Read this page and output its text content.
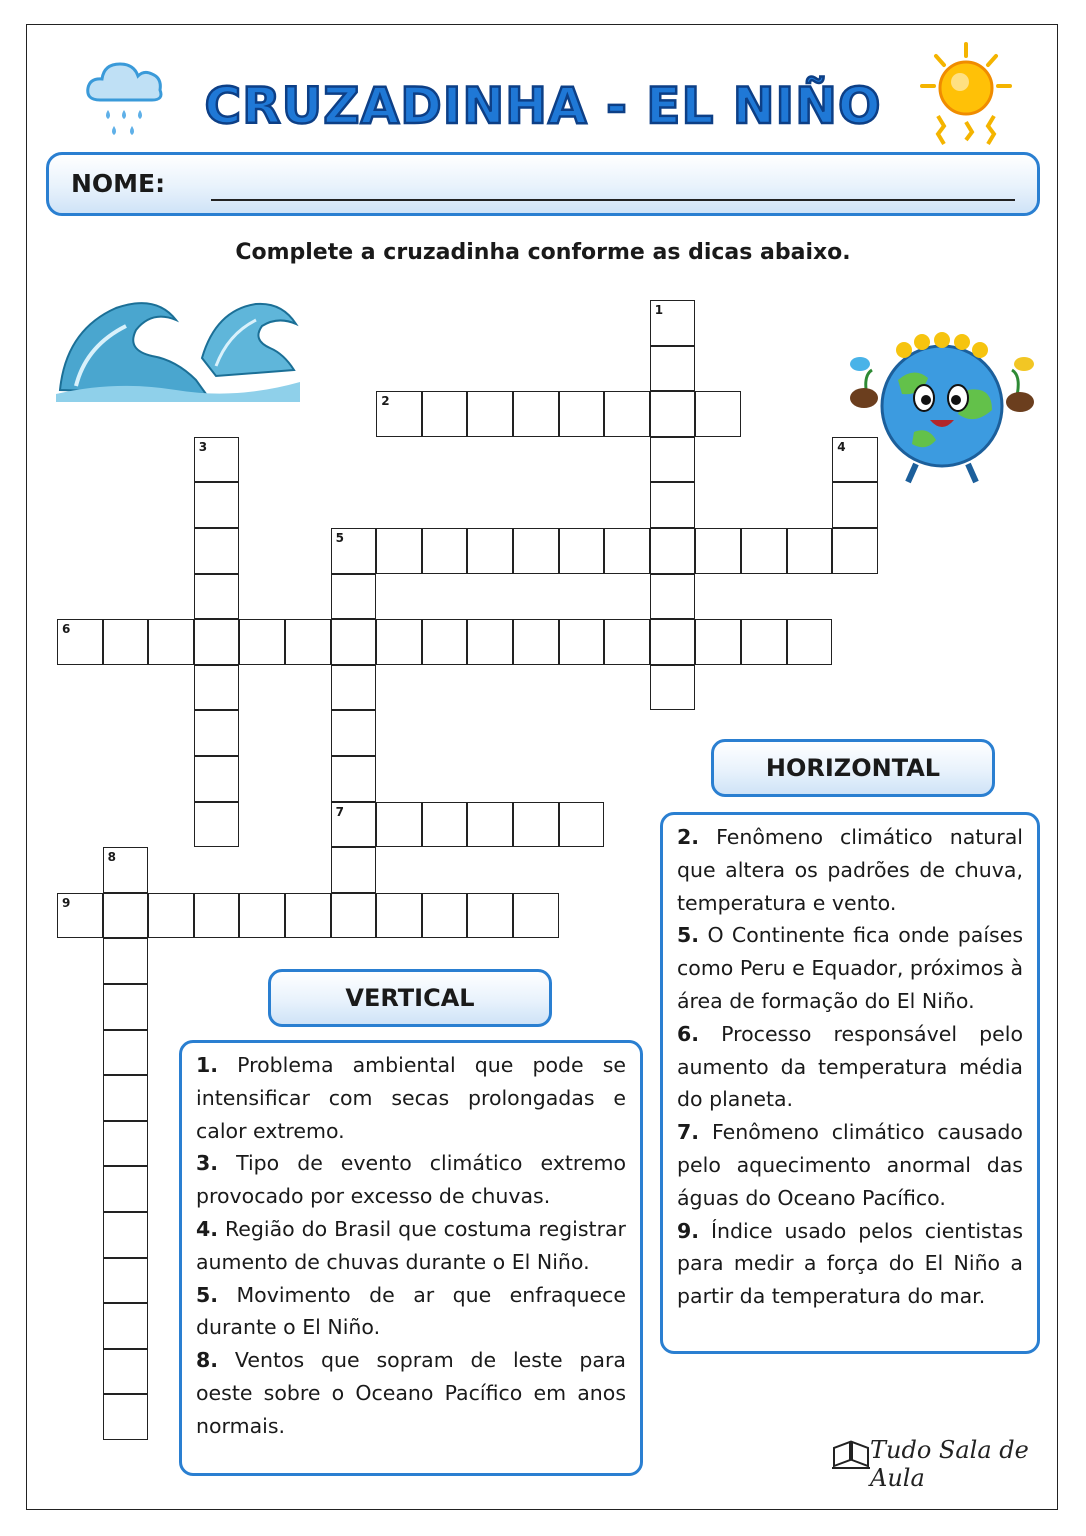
CRUZADINHA - EL NIÑO
NOME:
Complete a cruzadinha conforme as dicas abaixo.
1
2
3	4
5
7
6
8
9
HORIZONTAL

2. Fenômeno climático natural que altera os padrões de chuva, temperatura e vento.

5. O Continente fica onde países como Peru e Equador, próximos à área de formação do El Niño.

6. Processo responsável pelo aumento da temperatura média do planeta.

7. Fenômeno climático causado pelo aquecimento anormal das águas do Oceano Pacífico.

9. Índice usado pelos cientistas para medir a força do El Niño a partir da temperatura do mar.

VERTICAL

1. Problema ambiental que pode se intensificar com secas prolongadas e calor extremo.

3. Tipo de evento climático extremo provocado por excesso de chuvas.

4. Região do Brasil que costuma registrar aumento de chuvas durante o El Niño.

5. Movimento de ar que enfraquece durante o El Niño.

8. Ventos que sopram de leste para oeste sobre o Oceano Pacífico em anos normais.

Tudo Sala de Aula
